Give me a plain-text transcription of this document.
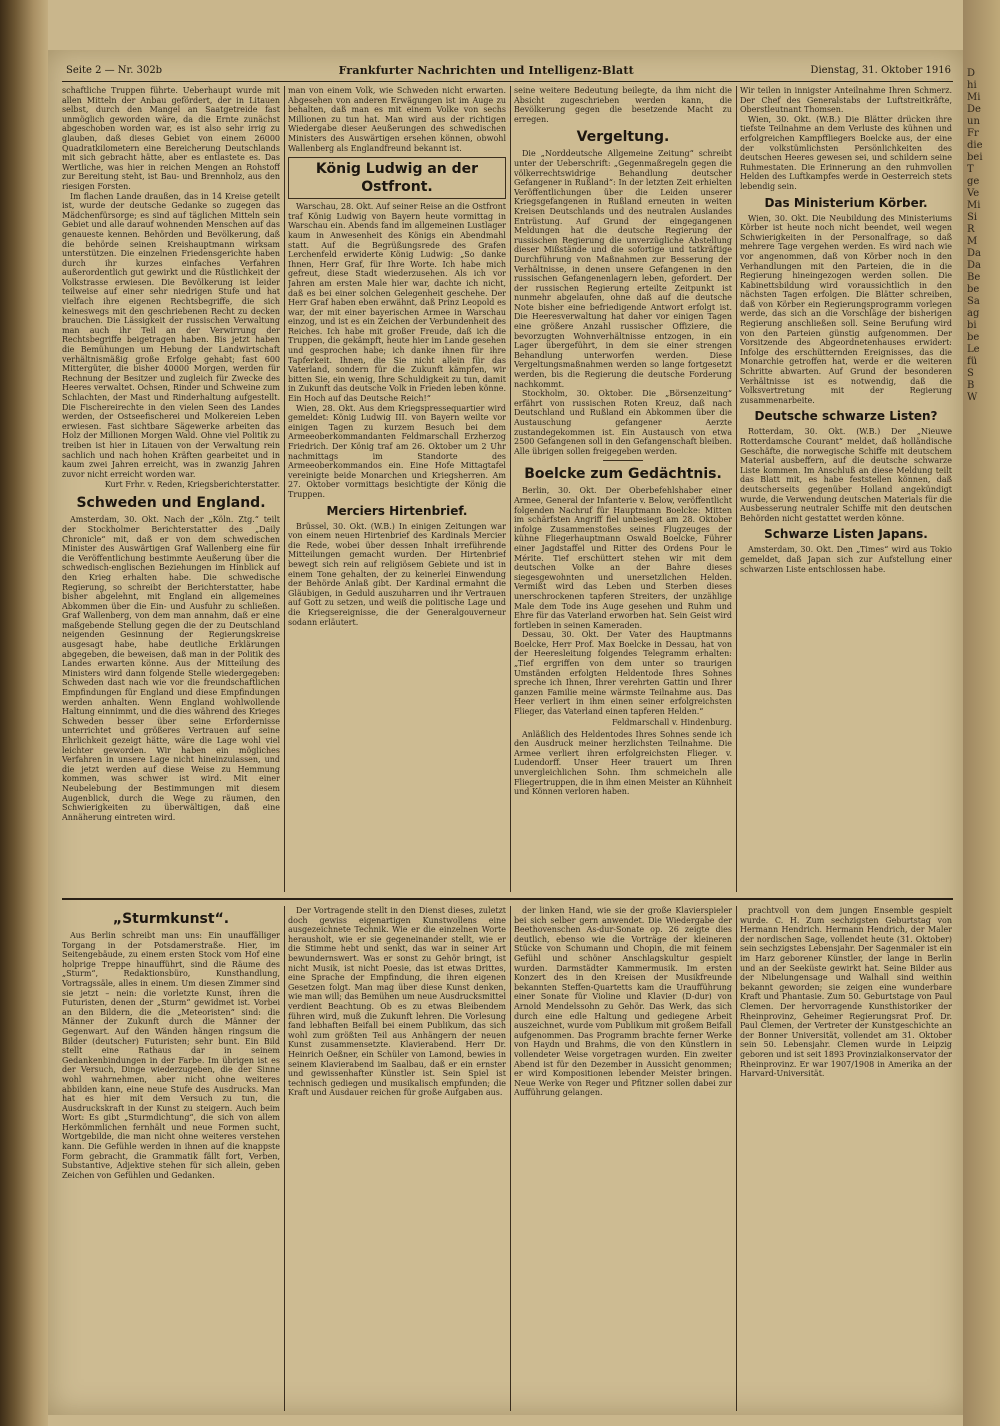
D
hi
Mi
De
un
Fr
die
bei
T
ge
Ve
Mi
Si
R
M
Da
Da
Be
be
Sa
ag
bi
be
Le
fü
S
B
W
Seite 2 — Nr. 302b	Frankfurter Nachrichten und Intelligenz-Blatt	Dienstag, 31. Oktober 1916

schaftliche Truppen führte. Ueberhaupt wurde mit allen Mitteln der Anbau gefördert, der in Litauen selbst, durch den Mangel an Saatgetreide fast unmöglich geworden wäre, da die Ernte zunächst abgeschoben worden war, es ist also sehr irrig zu glauben, daß dieses Gebiet von einem 26000 Quadratkilometern eine Bereicherung Deutschlands mit sich gebracht hätte, aber es entlastete es. Das Wertliche, was hier in reichen Mengen an Rohstoff zur Bereitung steht, ist Bau- und Brennholz, aus den riesigen Forsten.

Im flachen Lande draußen, das in 14 Kreise geteilt ist, wurde der deutsche Gedanke so zugegen das Mädchenfürsorge; es sind auf täglichen Mitteln sein Gebiet und alle darauf wohnenden Menschen auf das genaueste kennen. Behörden und Bevölkerung, daß die behörde seinen Kreishauptmann wirksam unterstützen. Die einzelnen Friedensgerichte haben durch ihr kurzes einfaches Verfahren außerordentlich gut gewirkt und die Rüstlichkeit der Volkstrasse erwiesen. Die Bevölkerung ist leider teilweise auf einer sehr niedrigen Stufe und hat vielfach ihre eigenen Rechtsbegriffe, die sich keineswegs mit den geschriebenen Recht zu decken brauchen. Die Lässigkeit der russischen Verwaltung man auch ihr Teil an der Verwirrung der Rechtsbegriffe beigetragen haben. Bis jetzt haben die Bemühungen um Hebung der Landwirtschaft verhältnismäßig große Erfolge gehabt; fast 600 Mittergüter, die bisher 40000 Morgen, werden für Rechnung der Besitzer und zugleich für Zwecke des Heeres verwaltet. Ochsen, Rinder und Schweine zum Schlachten, der Mast und Rinderhaltung aufgestellt. Die Fischereirechte in den vielen Seen des Landes werden, der Ostseefischerei und Molkereien Leben erwiesen. Fast sichtbare Sägewerke arbeiten das Holz der Millionen Morgen Wald. Ohne viel Politik zu treiben ist hier in Litauen von der Verwaltung rein sachlich und nach hohen Kräften gearbeitet und in kaum zwei Jahren erreicht, was in zwanzig Jahren zuvor nicht erreicht worden war.

Kurt Frhr. v. Reden, Kriegsberichterstatter.
Schweden und England.

Amsterdam, 30. Okt. Nach der „Köln. Ztg.“ teilt der Stockholmer Berichterstatter des „Daily Chronicle“ mit, daß er von dem schwedischen Minister des Auswärtigen Graf Wallenberg eine für die Veröffentlichung bestimmte Aeußerung über die schwedisch-englischen Beziehungen im Hinblick auf den Krieg erhalten habe. Die schwedische Regierung, so schreibt der Berichterstatter, habe bisher abgelehnt, mit England ein allgemeines Abkommen über die Ein- und Ausfuhr zu schließen. Graf Wallenberg, von dem man annahm, daß er eine maßgebende Stellung gegen die der zu Deutschland neigenden Gesinnung der Regierungskreise ausgesagt habe, habe deutliche Erklärungen abgegeben, die beweisen, daß man in der Politik des Landes erwarten könne. Aus der Mitteilung des Ministers wird dann folgende Stelle wiedergegeben: Schweden dast nach wie vor die freundschaftlichen Empfindungen für England und diese Empfindungen werden anhalten. Wenn England wohlwollende Haltung einnimmt, und die dies während des Krieges Schweden besser über seine Erfordernisse unterrichtet und größeres Vertrauen auf seine Ehrlichkeit gezeigt hätte, wäre die Lage wohl viel leichter geworden. Wir haben ein mögliches Verfahren in unsere Lage nicht hineinzulassen, und die jetzt werden auf diese Weise zu Hemmung kommen, was schwer ist wird. Mit einer Neubelebung der Bestimmungen mit diesem Augenblick, durch die Wege zu räumen, den Schwierigkeiten zu überwältigen, daß eine Annäherung eintreten wird.

man von einem Volk, wie Schweden nicht erwarten. Abgesehen von anderen Erwägungen ist im Auge zu behalten, daß man es mit einem Volke von sechs Millionen zu tun hat. Man wird aus der richtigen Wiedergabe dieser Aeußerungen des schwedischen Ministers des Auswärtigen ersehen können, obwohl Wallenberg als Englandfreund bekannt ist.

König Ludwig an der Ostfront.

Warschau, 28. Okt. Auf seiner Reise an die Ostfront traf König Ludwig von Bayern heute vormittag in Warschau ein. Abends fand im allgemeinen Lustlager kaum in Anwesenheit des Königs ein Abendmahl statt. Auf die Begrüßungsrede des Grafen Lerchenfeld erwiderte König Ludwig: „So danke Ihnen, Herr Graf, für Ihre Worte. Ich habe mich gefreut, diese Stadt wiederzusehen. Als ich vor Jahren am ersten Male hier war, dachte ich nicht, daß es bei einer solchen Gelegenheit geschehe. Der Herr Graf haben eben erwähnt, daß Prinz Leopold es war, der mit einer bayerischen Armee in Warschau einzog, und ist es ein Zeichen der Verbundenheit des Reiches. Ich habe mit großer Freude, daß ich die Truppen, die gekämpft, heute hier im Lande gesehen und gesprochen habe; ich danke ihnen für ihre Tapferkeit. Ihnen, die Sie nicht allein für das Vaterland, sondern für die Zukunft kämpfen, wir bitten Sie, ein wenig, Ihre Schuldigkeit zu tun, damit in Zukunft das deutsche Volk in Frieden leben könne. Ein Hoch auf das Deutsche Reich!“

Wien, 28. Okt. Aus dem Kriegspressequartier wird gemeldet: König Ludwig III. von Bayern weilte vor einigen Tagen zu kurzem Besuch bei dem Armeeoberkommandanten Feldmarschall Erzherzog Friedrich. Der König traf am 26. Oktober um 2 Uhr nachmittags im Standorte des Armeeoberkommandos ein. Eine Hofe Mittagtafel vereinigte beide Monarchen und Kriegsherren. Am 27. Oktober vormittags besichtigte der König die Truppen.

Merciers Hirtenbrief.

Brüssel, 30. Okt. (W.B.) In einigen Zeitungen war von einem neuen Hirtenbrief des Kardinals Mercier die Rede, wobei über dessen Inhalt irreführende Mitteilungen gemacht wurden. Der Hirtenbrief bewegt sich rein auf religiösem Gebiete und ist in einem Tone gehalten, der zu keinerlei Einwendung der Behörde Anlaß gibt. Der Kardinal ermahnt die Gläubigen, in Geduld auszuharren und ihr Vertrauen auf Gott zu setzen, und weiß die politische Lage und die Kriegsereignisse, die der Generalgouverneur sodann erläutert.

seine weitere Bedeutung beilegte, da ihm nicht die Absicht zugeschrieben werden kann, die Bevölkerung gegen die besetzende Macht zu erregen.

Vergeltung.

Die „Norddeutsche Allgemeine Zeitung“ schreibt unter der Ueberschrift: „Gegenmaßregeln gegen die völkerrechtswidrige Behandlung deutscher Gefangener in Rußland“: In der letzten Zeit erhielten Veröffentlichungen über die Leiden unserer Kriegsgefangenen in Rußland erneuten in weiten Kreisen Deutschlands und des neutralen Auslandes Entrüstung. Auf Grund der eingegangenen Meldungen hat die deutsche Regierung der russischen Regierung die unverzügliche Abstellung dieser Mißstände und die sofortige und tatkräftige Durchführung von Maßnahmen zur Besserung der Verhältnisse, in denen unsere Gefangenen in den russischen Gefangenenlagern leben, gefordert. Der der russischen Regierung erteilte Zeitpunkt ist nunmehr abgelaufen, ohne daß auf die deutsche Note bisher eine befriedigende Antwort erfolgt ist. Die Heeresverwaltung hat daher vor einigen Tagen eine größere Anzahl russischer Offiziere, die bevorzugten Wohnverhältnisse entzogen, in ein Lager übergeführt, in dem sie einer strengen Behandlung unterworfen werden. Diese Vergeltungsmaßnahmen werden so lange fortgesetzt werden, bis die Regierung die deutsche Forderung nachkommt.

Stockholm, 30. Oktober. Die „Börsenzeitung“ erfährt von russischen Roten Kreuz, daß nach Deutschland und Rußland ein Abkommen über die Austauschung gefangener Aerzte zustandegekommen ist. Ein Austausch von etwa 2500 Gefangenen soll in den Gefangenschaft bleiben. Alle übrigen sollen freigegeben werden.

Boelcke zum Gedächtnis.

Berlin, 30. Okt. Der Oberbefehlshaber einer Armee, General der Infanterie v. Below, veröffentlicht folgenden Nachruf für Hauptmann Boelcke: Mitten im schärfsten Angriff fiel unbesiegt am 28. Oktober infolge Zusammenstoßes seines Flugzeuges der kühne Fliegerhauptmann Oswald Boelcke, Führer einer Jagdstaffel und Ritter des Ordens Pour le Mérite. Tief erschüttert stehen wir mit dem deutschen Volke an der Bahre dieses siegesgewohnten und unersetzlichen Helden. Vermißt wird das Leben und Sterben dieses unerschrockenen tapferen Streiters, der unzählige Male dem Tode ins Auge gesehen und Ruhm und Ehre für das Vaterland erworben hat. Sein Geist wird fortleben in seinen Kameraden.

Dessau, 30. Okt. Der Vater des Hauptmanns Boelcke, Herr Prof. Max Boelcke in Dessau, hat von der Heeresleitung folgendes Telegramm erhalten: „Tief ergriffen von dem unter so traurigen Umständen erfolgten Heldentode Ihres Sohnes spreche ich Ihnen, Ihrer verehrten Gattin und Ihrer ganzen Familie meine wärmste Teilnahme aus. Das Heer verliert in ihm einen seiner erfolgreichsten Flieger, das Vaterland einen tapferen Helden.“

Feldmarschall v. Hindenburg.

Anläßlich des Heldentodes Ihres Sohnes sende ich den Ausdruck meiner herzlichsten Teilnahme. Die Armee verliert ihren erfolgreichsten Flieger. v. Ludendorff. Unser Heer trauert um Ihren unvergleichlichen Sohn. Ihm schmeicheln alle Fliegertruppen, die in ihm einen Meister an Kühnheit und Können verloren haben.

Wir teilen in innigster Anteilnahme Ihren Schmerz. Der Chef des Generalstabs der Luftstreitkräfte, Oberstleutnant Thomsen.

Wien, 30. Okt. (W.B.) Die Blätter drücken ihre tiefste Teilnahme an dem Verluste des kühnen und erfolgreichen Kampffliegers Boelcke aus, der eine der volkstümlichsten Persönlichkeiten des deutschen Heeres gewesen sei, und schildern seine Ruhmestaten. Die Erinnerung an den ruhmvollen Helden des Luftkampfes werde in Oesterreich stets lebendig sein.

Das Ministerium Körber.

Wien, 30. Okt. Die Neubildung des Ministeriums Körber ist heute noch nicht beendet, weil wegen Schwierigkeiten in der Personalfrage, so daß mehrere Tage vergehen werden. Es wird nach wie vor angenommen, daß von Körber noch in den Verhandlungen mit den Parteien, die in die Regierung hineingezogen werden sollen. Die Kabinettsbildung wird voraussichtlich in den nächsten Tagen erfolgen. Die Blätter schreiben, daß von Körber ein Regierungsprogramm vorlegen werde, das sich an die Vorschläge der bisherigen Regierung anschließen soll. Seine Berufung wird von den Parteien günstig aufgenommen. Der Vorsitzende des Abgeordnetenhauses erwidert: Infolge des erschütternden Ereignisses, das die Monarchie getroffen hat, werde er die weiteren Schritte abwarten. Auf Grund der besonderen Verhältnisse ist es notwendig, daß die Volksvertretung mit der Regierung zusammenarbeite.

Deutsche schwarze Listen?

Rotterdam, 30. Okt. (W.B.) Der „Nieuwe Rotterdamsche Courant“ meldet, daß holländische Geschäfte, die norwegische Schiffe mit deutschem Material ausbeffern, auf die deutsche schwarze Liste kommen. Im Anschluß an diese Meldung teilt das Blatt mit, es habe feststellen können, daß deutscherseits gegenüber Holland angekündigt wurde, die Verwendung deutschen Materials für die Ausbesserung neutraler Schiffe mit den deutschen Behörden nicht gestattet werden könne.

Schwarze Listen Japans.

Amsterdam, 30. Okt. Den „Times“ wird aus Tokio gemeldet, daß Japan sich zur Aufstellung einer schwarzen Liste entschlossen habe.

„Sturmkunst“.

Aus Berlin schreibt man uns: Ein unauffälliger Torgang in der Potsdamerstraße. Hier, im Seitengebäude, zu einem ersten Stock vom Hof eine holprige Treppe hinaufführt, sind die Räume des „Sturm“, Redaktionsbüro, Kunsthandlung, Vortragssäle, alles in einem. Um diesen Zimmer sind sie jetzt – nein: die vorletzte Kunst, ihren die Futuristen, denen der „Sturm“ gewidmet ist. Vorbei an den Bildern, die die „Meteoristen“ sind: die Männer der Zukunft durch die Männer der Gegenwart. Auf den Wänden hängen ringsum die Bilder (deutscher) Futuristen; sehr bunt. Ein Bild stellt eine Rathaus dar in seinem Gedankenbindungen in der Farbe. Im übrigen ist es der Versuch, Dinge wiederzugeben, die der Sinne wohl wahrnehmen, aber nicht ohne weiteres abbilden kann, eine neue Stufe des Ausdrucks. Man hat es hier mit dem Versuch zu tun, die Ausdruckskraft in der Kunst zu steigern. Auch beim Wort: Es gibt „Sturmdichtung“, die sich von allem Herkömmlichen fernhält und neue Formen sucht, Wortgebilde, die man nicht ohne weiteres verstehen kann. Die Gefühle werden in ihnen auf die knappste Form gebracht, die Grammatik fällt fort, Verben, Substantive, Adjektive stehen für sich allein, geben Zeichen von Gefühlen und Gedanken.

Der Vortragende stellt in den Dienst dieses, zuletzt doch gewiss eigenartigen Kunstwollens eine ausgezeichnete Technik. Wie er die einzelnen Worte herausholt, wie er sie gegeneinander stellt, wie er die Stimme hebt und senkt, das war in seiner Art bewundernswert. Was er sonst zu Gehör bringt, ist nicht Musik, ist nicht Poesie, das ist etwas Drittes, eine Sprache der Empfindung, die ihren eigenen Gesetzen folgt. Man mag über diese Kunst denken, wie man will; das Bemühen um neue Ausdrucksmittel verdient Beachtung. Ob es zu etwas Bleibendem führen wird, muß die Zukunft lehren. Die Vorlesung fand lebhaften Beifall bei einem Publikum, das sich wohl zum größten Teil aus Anhängern der neuen Kunst zusammensetzte. Klavierabend. Herr Dr. Heinrich Oeßner, ein Schüler von Lamond, bewies in seinem Klavierabend im Saalbau, daß er ein ernster und gewissenhafter Künstler ist. Sein Spiel ist technisch gediegen und musikalisch empfunden; die Kraft und Ausdauer reichen für große Aufgaben aus.

der linken Hand, wie sie der große Klavierspieler bei sich selber gern anwendet. Die Wiedergabe der Beethovenschen As-dur-Sonate op. 26 zeigte dies deutlich, ebenso wie die Vorträge der kleineren Stücke von Schumann und Chopin, die mit feinem Gefühl und schöner Anschlagskultur gespielt wurden. Darmstädter Kammermusik. Im ersten Konzert des in den Kreisen der Musikfreunde bekannten Steffen-Quartetts kam die Uraufführung einer Sonate für Violine und Klavier (D-dur) von Arnold Mendelssohn zu Gehör. Das Werk, das sich durch eine edle Haltung und gediegene Arbeit auszeichnet, wurde vom Publikum mit großem Beifall aufgenommen. Das Programm brachte ferner Werke von Haydn und Brahms, die von den Künstlern in vollendeter Weise vorgetragen wurden. Ein zweiter Abend ist für den Dezember in Aussicht genommen; er wird Kompositionen lebender Meister bringen. Neue Werke von Reger und Pfitzner sollen dabei zur Aufführung gelangen.

prachtvoll von dem jungen Ensemble gespielt wurde. C. H. Zum sechzigsten Geburtstag von Hermann Hendrich. Hermann Hendrich, der Maler der nordischen Sage, vollendet heute (31. Oktober) sein sechzigstes Lebensjahr. Der Sagenmaler ist ein im Harz geborener Künstler, der lange in Berlin und an der Seeküste gewirkt hat. Seine Bilder aus der Nibelungensage und Walhall sind weithin bekannt geworden; sie zeigen eine wunderbare Kraft und Phantasie. Zum 50. Geburtstage von Paul Clemen. Der hervorragende Kunsthistoriker der Rheinprovinz, Geheimer Regierungsrat Prof. Dr. Paul Clemen, der Vertreter der Kunstgeschichte an der Bonner Universität, vollendet am 31. Oktober sein 50. Lebensjahr. Clemen wurde in Leipzig geboren und ist seit 1893 Provinzialkonservator der Rheinprovinz. Er war 1907/1908 in Amerika an der Harvard-Universität.
